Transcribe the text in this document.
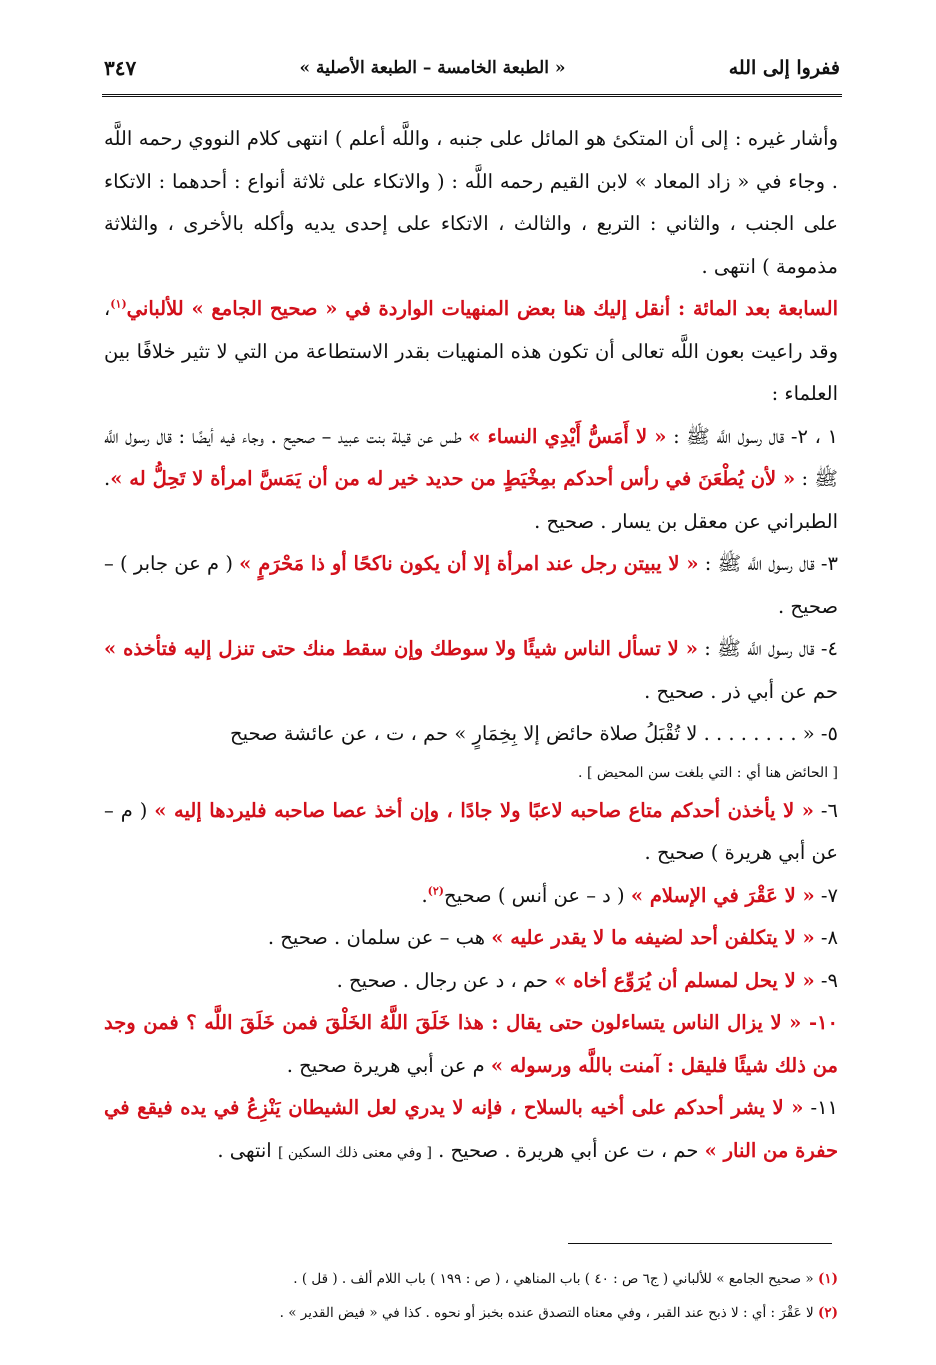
ففروا إلى الله
« الطبعة الخامسة – الطبعة الأصلية »
٣٤٧

وأشار غيره : إلى أن المتكئ هو المائل على جنبه ، واللَّه أعلم ) انتهى كلام النووي رحمه اللَّه . وجاء في « زاد المعاد » لابن القيم رحمه اللَّه : ( والاتكاء على ثلاثة أنواع : أحدهما : الاتكاء على الجنب ، والثاني : التربع ، والثالث ، الاتكاء على إحدى يديه وأكله بالأخرى ، والثلاثة مذمومة ) انتهى .

السابعة بعد المائة : أنقل إليك هنا بعض المنهيات الواردة في « صحيح الجامع » للألباني$^{(١)}$، وقد راعيت بعون اللَّه تعالى أن تكون هذه المنهيات بقدر الاستطاعة من التي لا تثير خلافًا بين العلماء :

١ ، ٢- قال رسول اللَّه ﷺ : « لا أَمَسُّ أَيْدِي النساء » طس عن قيلة بنت عبيد – صحيح . وجاء فيه أيضًا : قال رسول اللَّه ﷺ : « لأن يُطْعَنَ في رأس أحدكم بمِخْيَطٍ من حديد خير له من أن يَمَسَّ امرأة لا تَحِلُّ له ». الطبراني عن معقل بن يسار . صحيح .

٣- قال رسول اللَّه ﷺ : « لا يبيتن رجل عند امرأة إلا أن يكون ناكحًا أو ذا مَحْرَمٍ » ( م عن جابر ) – صحيح .

٤- قال رسول اللَّه ﷺ : « لا تسأل الناس شيئًا ولا سوطك وإن سقط منك حتى تنزل إليه فتأخذه » حم عن أبي ذر . صحيح .

٥- « . . . . . . . . لا تُقْبَلُ صلاة حائض إلا بِخِمَارٍ » حم ، ت ، عن عائشة صحيح

[ الحائض هنا أي : التي بلغت سن المحيض ] .

٦- « لا يأخذن أحدكم متاع صاحبه لاعبًا ولا جادًا ، وإن أخذ عصا صاحبه فليردها إليه » ( م – عن أبي هريرة ) صحيح .

٧- « لا عَقْرَ في الإسلام » ( د – عن أنس ) صحيح$^{(٢)}$.

٨- « لا يتكلفن أحد لضيفه ما لا يقدر عليه » هب – عن سلمان . صحيح .

٩- « لا يحل لمسلم أن يُرَوِّع أخاه » حم ، د عن رجال . صحيح .

١٠- « لا يزال الناس يتساءلون حتى يقال : هذا خَلَقَ اللَّهُ الخَلْقَ فمن خَلَقَ اللَّه ؟ فمن وجد من ذلك شيئًا فليقل : آمنت باللَّه ورسوله » م عن أبي هريرة صحيح .

١١- « لا يشر أحدكم على أخيه بالسلاح ، فإنه لا يدري لعل الشيطان يَنْزِعُ في يده فيقع في حفرة من النار » حم ، ت عن أبي هريرة . صحيح . [ وفي معنى ذلك السكين ] انتهى .

(١) « صحيح الجامع » للألباني ( ج٦ ص : ٤٠ ) باب المناهي ، ( ص : ١٩٩ ) باب اللام ألف . ( قل ) .

(٢) لا عَقْرَ : أي : لا ذبح عند القبر ، وفي معناه التصدق عنده بخبز أو نحوه . كذا في « فيض القدير » .
